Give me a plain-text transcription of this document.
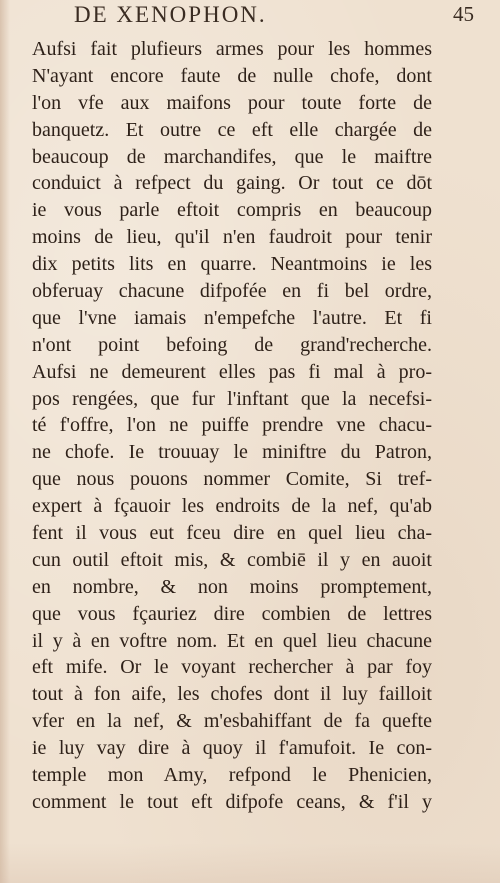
DE XENOPHON.	45
Aufsi fait plufieurs armes pour les hommes
N'ayant encore faute de nulle chofe, dont
l'on vfe aux maifons pour toute forte de
banquetz. Et outre ce eft elle chargée de
beaucoup de marchandifes, que le maiftre
conduict à refpect du gaing. Or tout ce dōt
ie vous parle eftoit compris en beaucoup
moins de lieu, qu'il n'en faudroit pour tenir
dix petits lits en quarre. Neantmoins ie les
obferuay chacune difpofée en fi bel ordre,
que l'vne iamais n'empefche l'autre. Et fi
n'ont point befoing de grand'recherche.
Aufsi ne demeurent elles pas fi mal à pro-
pos rengées, que fur l'inftant que la necefsi-
té f'offre, l'on ne puiffe prendre vne chacu-
ne chofe. Ie trouuay le miniftre du Patron,
que nous pouons nommer Comite, Si tref-
expert à fçauoir les endroits de la nef, qu'ab
fent il vous eut fceu dire en quel lieu cha-
cun outil eftoit mis, & combiē il y en auoit
en nombre, & non moins promptement,
que vous fçauriez dire combien de lettres
il y à en voftre nom. Et en quel lieu chacune
eft mife. Or le voyant rechercher à par foy
tout à fon aife, les chofes dont il luy failloit
vfer en la nef, & m'esbahiffant de fa quefte
ie luy vay dire à quoy il f'amufoit. Ie con-
temple mon Amy, refpond le Phenicien,
comment le tout eft difpofe ceans, & f'il y
